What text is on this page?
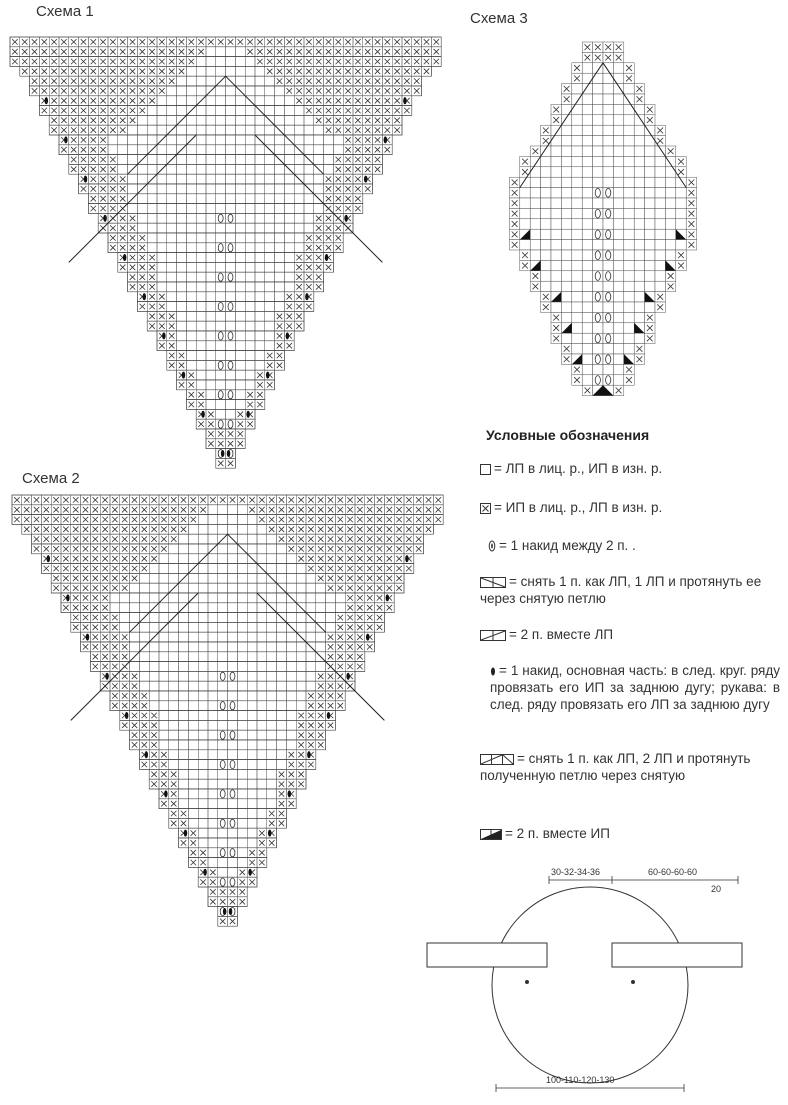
Схема 1
Схема 2
Схема 3
Условные обозначения
= ЛП в лиц. р., ИП в изн. р.
= ИП в лиц. р., ЛП в изн. р.
= 1 накид между 2 п. .
= снять 1 п. как ЛП, 1 ЛП и протянуть ее через снятую петлю
= 2 п. вместе ЛП
= 1 накид, основная часть: в след. круг. ряду провязать его ИП за заднюю дугу; рукава: в след. ряду провязать его ЛП за заднюю дугу
= снять 1 п. как ЛП, 2 ЛП и протянуть полученную петлю через снятую
= 2 п. вместе ИП
30-32-34-36	60-60-60-60
20
100-110-120-130
